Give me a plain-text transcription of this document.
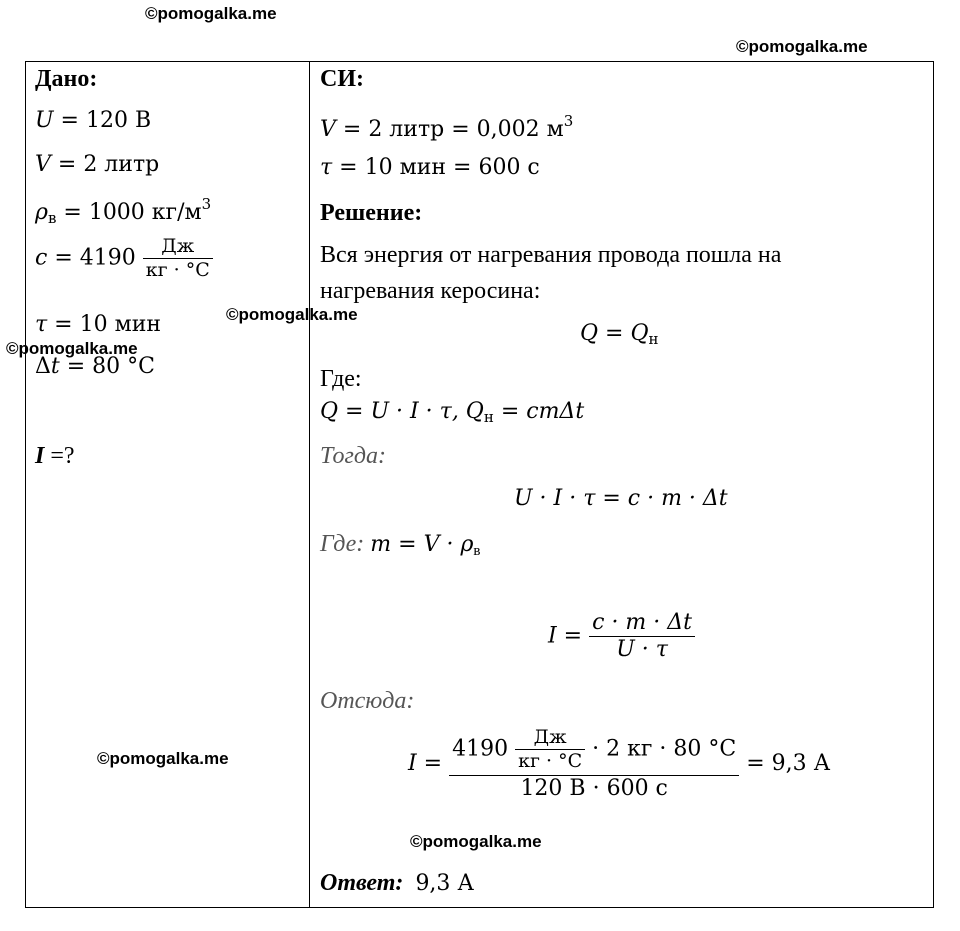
©pomogalka.me
©pomogalka.me
©pomogalka.me
©pomogalka.me
©pomogalka.me
©pomogalka.me
Дано:
U = 120 В
V = 2 литр
$\rho_в = 1000$ $кг/м^3$
$c = 4190 \frac{Дж}{кг \cdot ^\circ C}$
τ = 10 мин
Δt = 80 °C
I =?
СИ:
V = 2 литр = 0,002 $м^3$
τ = 10 мин = 600 с
Решение:
Вся энергия от нагревания провода пошла на
нагревания керосина:
$Q = Q_н$
Где:
Q = U · I · τ, $Q_н = cm\Delta t$
Тогда:
U · I · τ = c · m · Δt
Где: $m = V \cdot \rho_в$
$I = \frac{c \cdot m \cdot \Delta t}{U \cdot \tau}$
Отсюда:
I =
$4190 \frac{Дж}{кг \cdot ^\circ C} \cdot 2$ кг · 80 °C
120 В · 600 с
= 9,3 А
Ответ: 9,3 А
